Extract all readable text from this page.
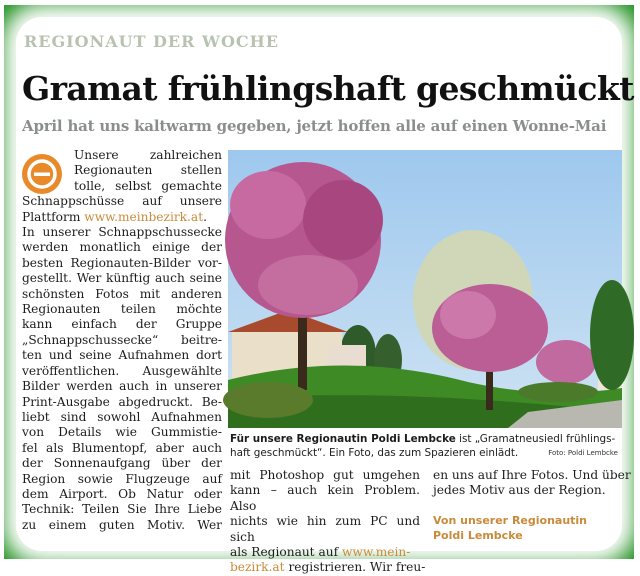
REGIONAUT DER WOCHE
Gramat frühlingshaft geschmückt
April hat uns kaltwarm gegeben, jetzt hoffen alle auf einen Wonne-Mai
Unsere zahlreichen
Regionauten stellen
tolle, selbst gemachte
Schnappschüsse auf unsere
Plattform www.meinbezirk.at.
In unserer Schnappschussecke
werden monatlich einige der
besten Regionauten-Bilder vor-
gestellt. Wer künftig auch seine
schönsten Fotos mit anderen
Regionauten teilen möchte
kann einfach der Gruppe
„Schnappschussecke“ beitre-
ten und seine Aufnahmen dort
veröffentlichen. Ausgewählte
Bilder werden auch in unserer
Print-Ausgabe abgedruckt. Be-
liebt sind sowohl Aufnahmen
von Details wie Gummistie-
fel als Blumentopf, aber auch
der Sonnenaufgang über der
Region sowie Flugzeuge auf
dem Airport. Ob Natur oder
Technik: Teilen Sie Ihre Liebe
zu einem guten Motiv. Wer
Für unsere Regionautin Poldi Lembcke ist „Gramatneusiedl frühlings-haft geschmückt“. Ein Foto, das zum Spazieren einlädt.	Foto: Poldi Lembcke
mit Photoshop gut umgehen
kann – auch kein Problem. Also
nichts wie hin zum PC und sich
als Regionaut auf www.mein-
bezirk.at registrieren. Wir freu-
en uns auf Ihre Fotos. Und über
jedes Motiv aus der Region.
Von unserer Regionautin
Poldi Lembcke
